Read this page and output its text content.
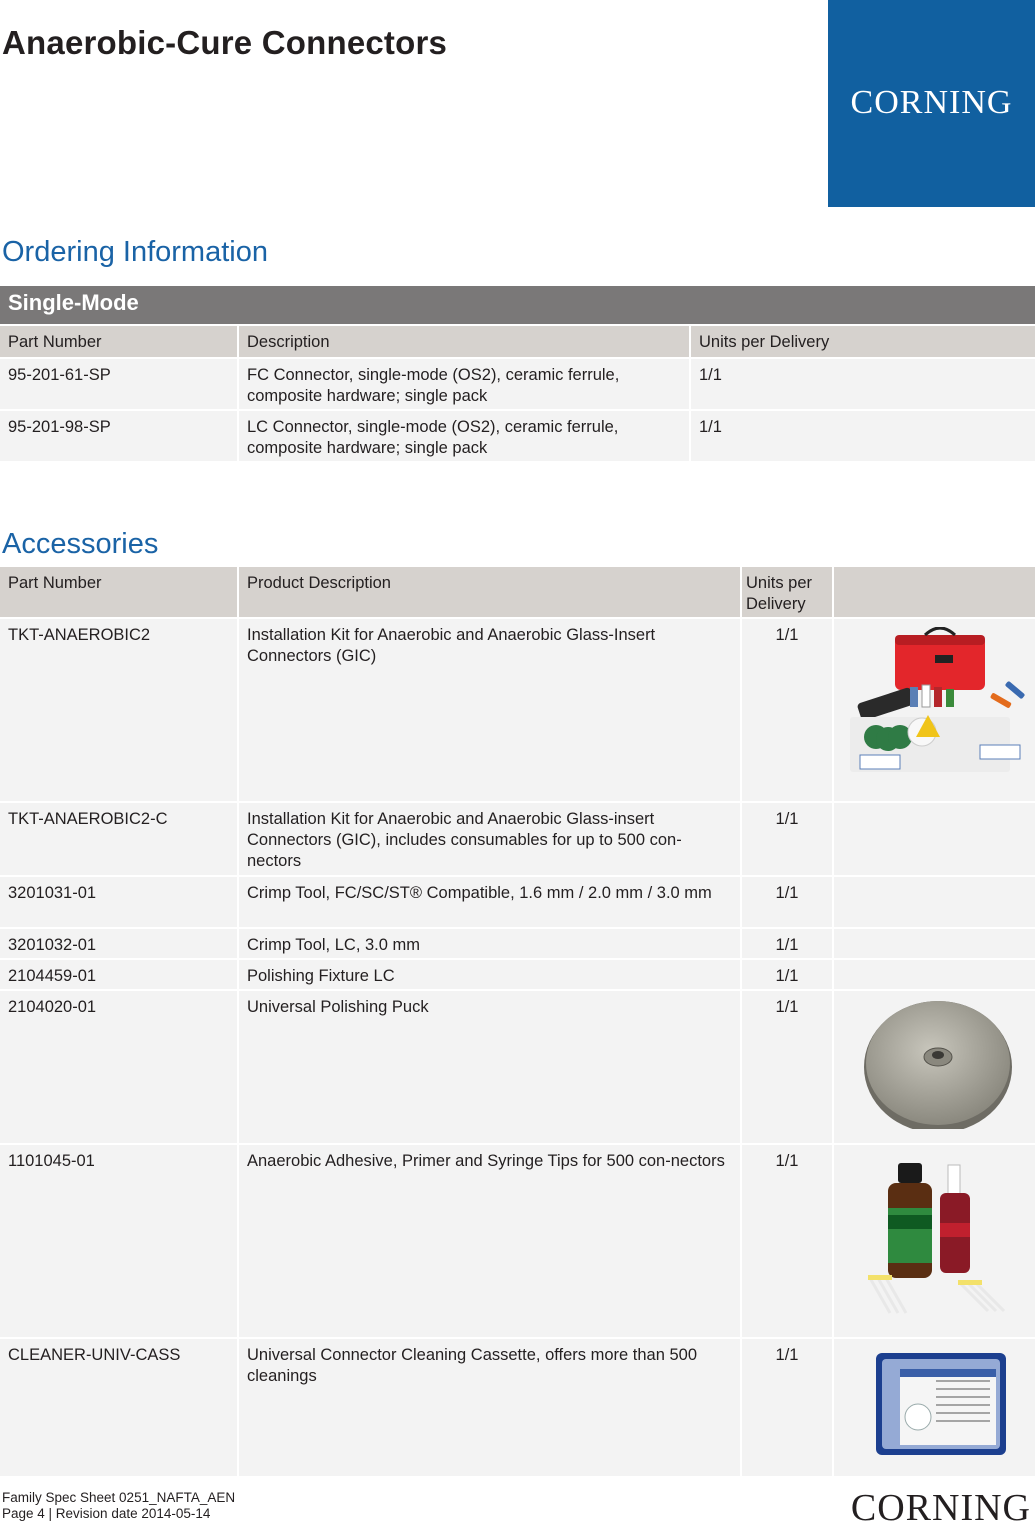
Anaerobic-Cure Connectors
CORNING
Ordering Information
Single-Mode		
Part Number	Description	Units per Delivery
95-201-61-SP	FC Connector, single-mode (OS2), ceramic ferrule, composite hardware; single pack	1/1
95-201-98-SP	LC Connector, single-mode (OS2), ceramic ferrule, composite hardware; single pack	1/1
Accessories
Part Number	Product Description	Units per Delivery	
TKT-ANAEROBIC2	Installation Kit for Anaerobic and Anaerobic Glass-Insert Connectors (GIC)	1/1	
TKT-ANAEROBIC2-C	Installation Kit for Anaerobic and Anaerobic Glass-insert Connectors (GIC), includes consumables for up to 500 con-nectors	1/1	
3201031-01	Crimp Tool, FC/SC/ST® Compatible, 1.6 mm / 2.0 mm / 3.0 mm	1/1	
3201032-01	Crimp Tool, LC, 3.0 mm	1/1	
2104459-01	Polishing Fixture LC	1/1	
2104020-01	Universal Polishing Puck	1/1	
1101045-01	Anaerobic Adhesive, Primer and Syringe Tips for 500 con-nectors	1/1	
CLEANER-UNIV-CASS	Universal Connector Cleaning Cassette, offers more than 500 cleanings	1/1	
Family Spec Sheet 0251_NAFTA_AEN
Page 4 | Revision date 2014-05-14	CORNING
